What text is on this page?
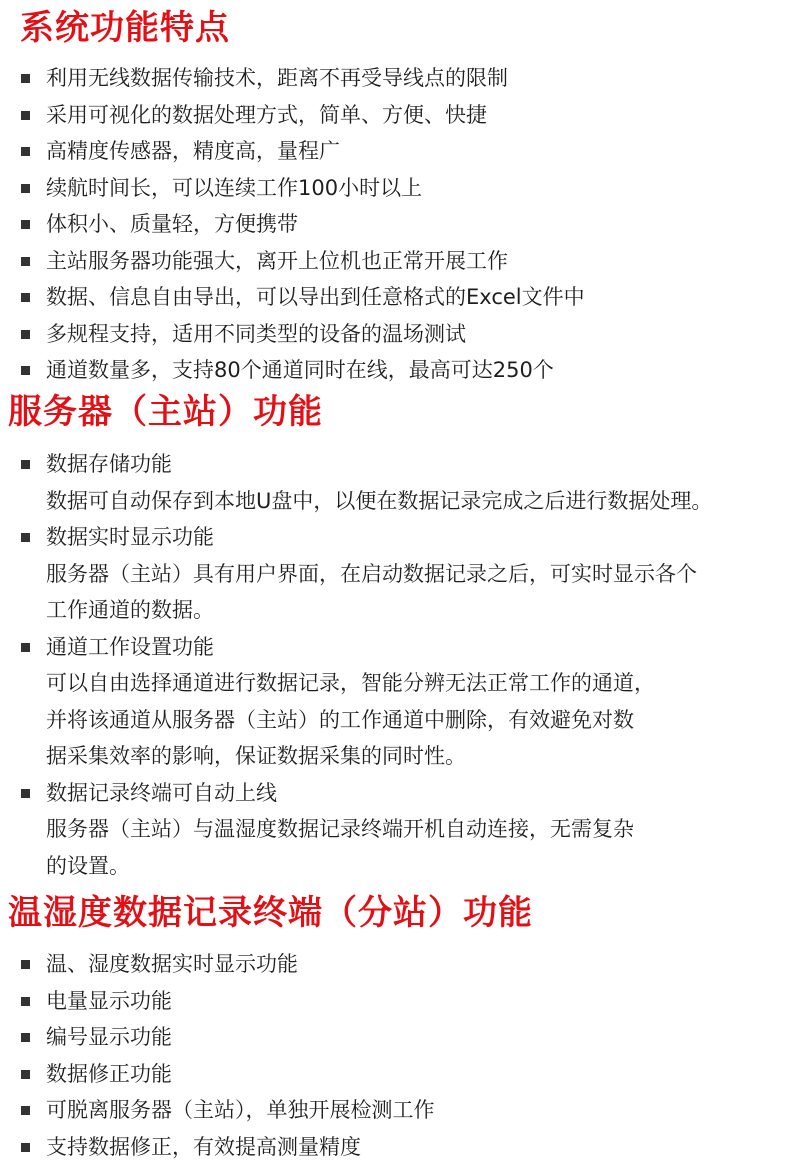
系统功能特点
利用无线数据传输技术，距离不再受导线点的限制
采用可视化的数据处理方式，简单、方便、快捷
高精度传感器，精度高，量程广
续航时间长，可以连续工作100小时以上
体积小、质量轻，方便携带
主站服务器功能强大，离开上位机也正常开展工作
数据、信息自由导出，可以导出到任意格式的Excel文件中
多规程支持，适用不同类型的设备的温场测试
通道数量多，支持80个通道同时在线，最高可达250个
服务器（主站）功能
数据存储功能
数据可自动保存到本地U盘中，以便在数据记录完成之后进行数据处理。
数据实时显示功能
服务器（主站）具有用户界面，在启动数据记录之后，可实时显示各个
工作通道的数据。
通道工作设置功能
可以自由选择通道进行数据记录，智能分辨无法正常工作的通道，
并将该通道从服务器（主站）的工作通道中删除，有效避免对数
据采集效率的影响，保证数据采集的同时性。
数据记录终端可自动上线
服务器（主站）与温湿度数据记录终端开机自动连接，无需复杂
的设置。
温湿度数据记录终端（分站）功能
温、湿度数据实时显示功能
电量显示功能
编号显示功能
数据修正功能
可脱离服务器（主站），单独开展检测工作
支持数据修正，有效提高测量精度
